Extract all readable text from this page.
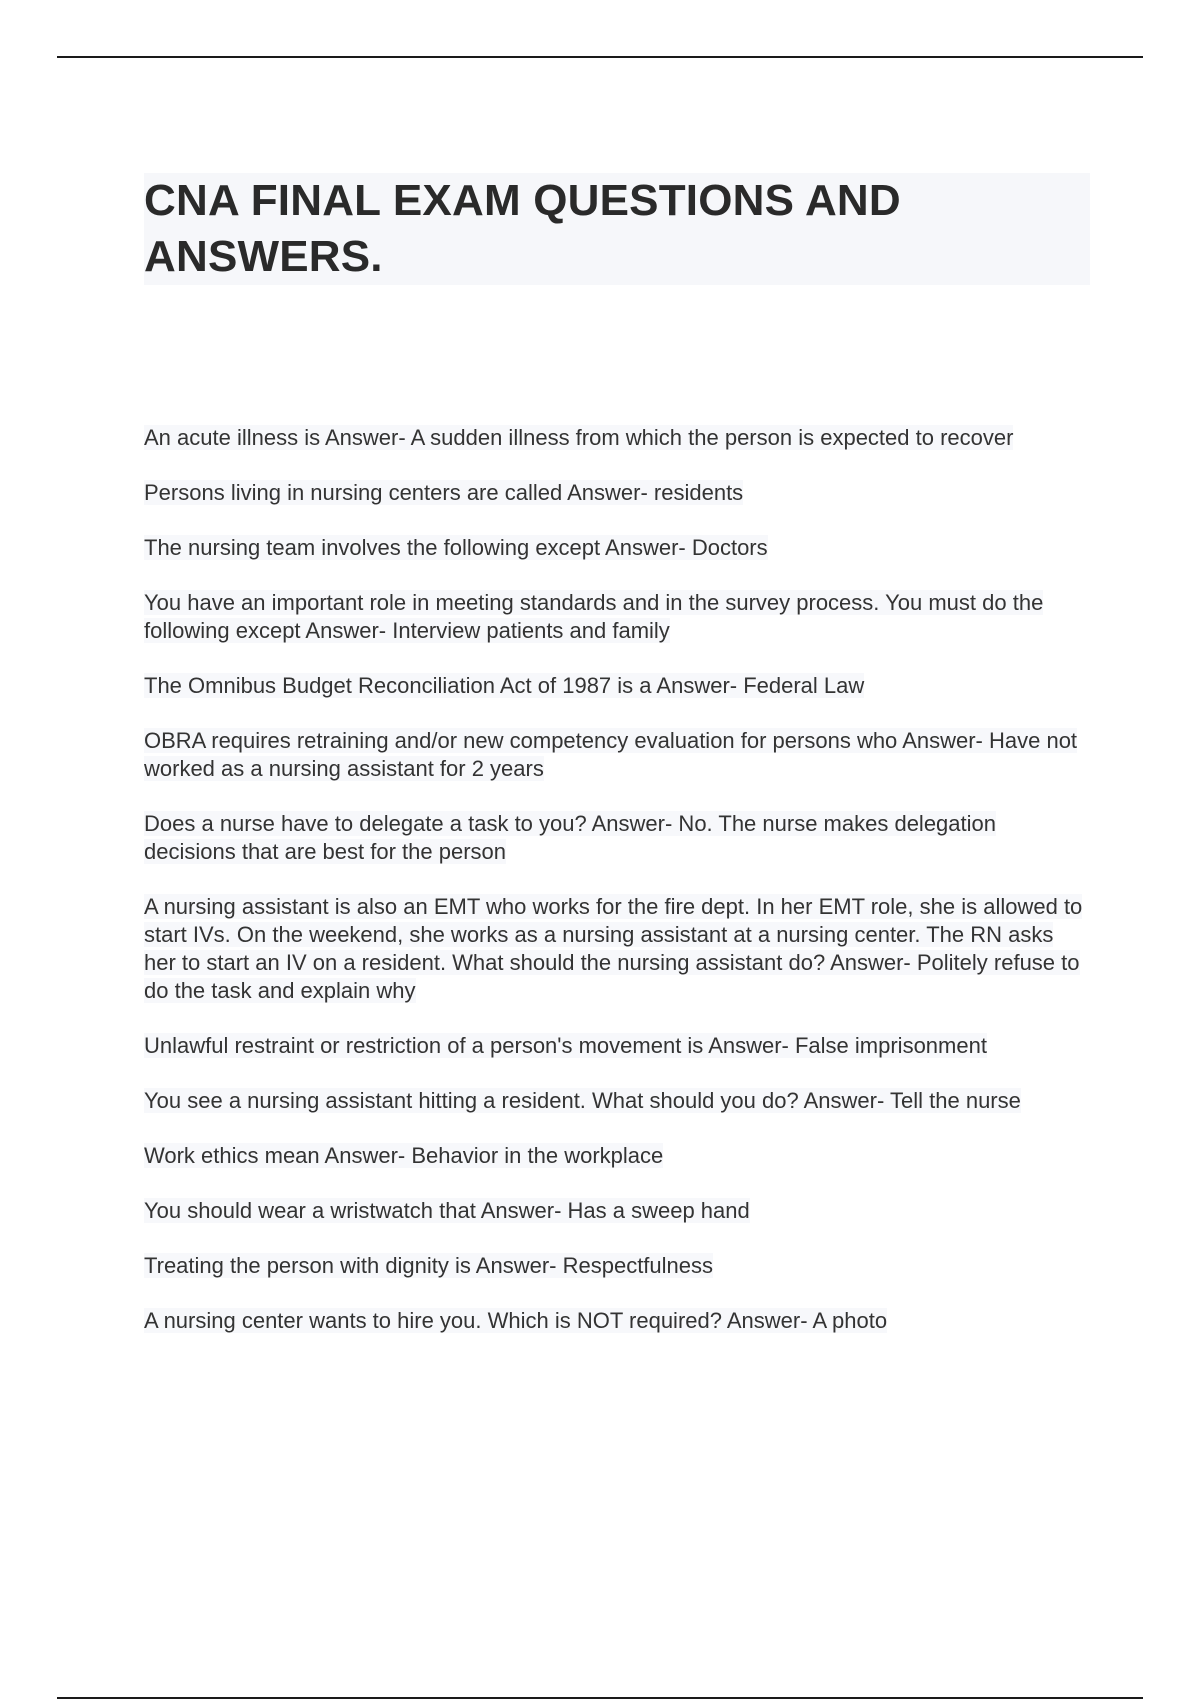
CNA FINAL EXAM QUESTIONS AND ANSWERS.
An acute illness is Answer- A sudden illness from which the person is expected to recover
Persons living in nursing centers are called Answer- residents
The nursing team involves the following except Answer- Doctors
You have an important role in meeting standards and in the survey process. You must do the following except Answer- Interview patients and family
The Omnibus Budget Reconciliation Act of 1987 is a Answer- Federal Law
OBRA requires retraining and/or new competency evaluation for persons who Answer- Have not worked as a nursing assistant for 2 years
Does a nurse have to delegate a task to you? Answer- No. The nurse makes delegation decisions that are best for the person
A nursing assistant is also an EMT who works for the fire dept. In her EMT role, she is allowed to start IVs. On the weekend, she works as a nursing assistant at a nursing center. The RN asks her to start an IV on a resident. What should the nursing assistant do? Answer- Politely refuse to do the task and explain why
Unlawful restraint or restriction of a person's movement is Answer- False imprisonment
You see a nursing assistant hitting a resident. What should you do? Answer- Tell the nurse
Work ethics mean Answer- Behavior in the workplace
You should wear a wristwatch that Answer- Has a sweep hand
Treating the person with dignity is Answer- Respectfulness
A nursing center wants to hire you. Which is NOT required? Answer- A photo
